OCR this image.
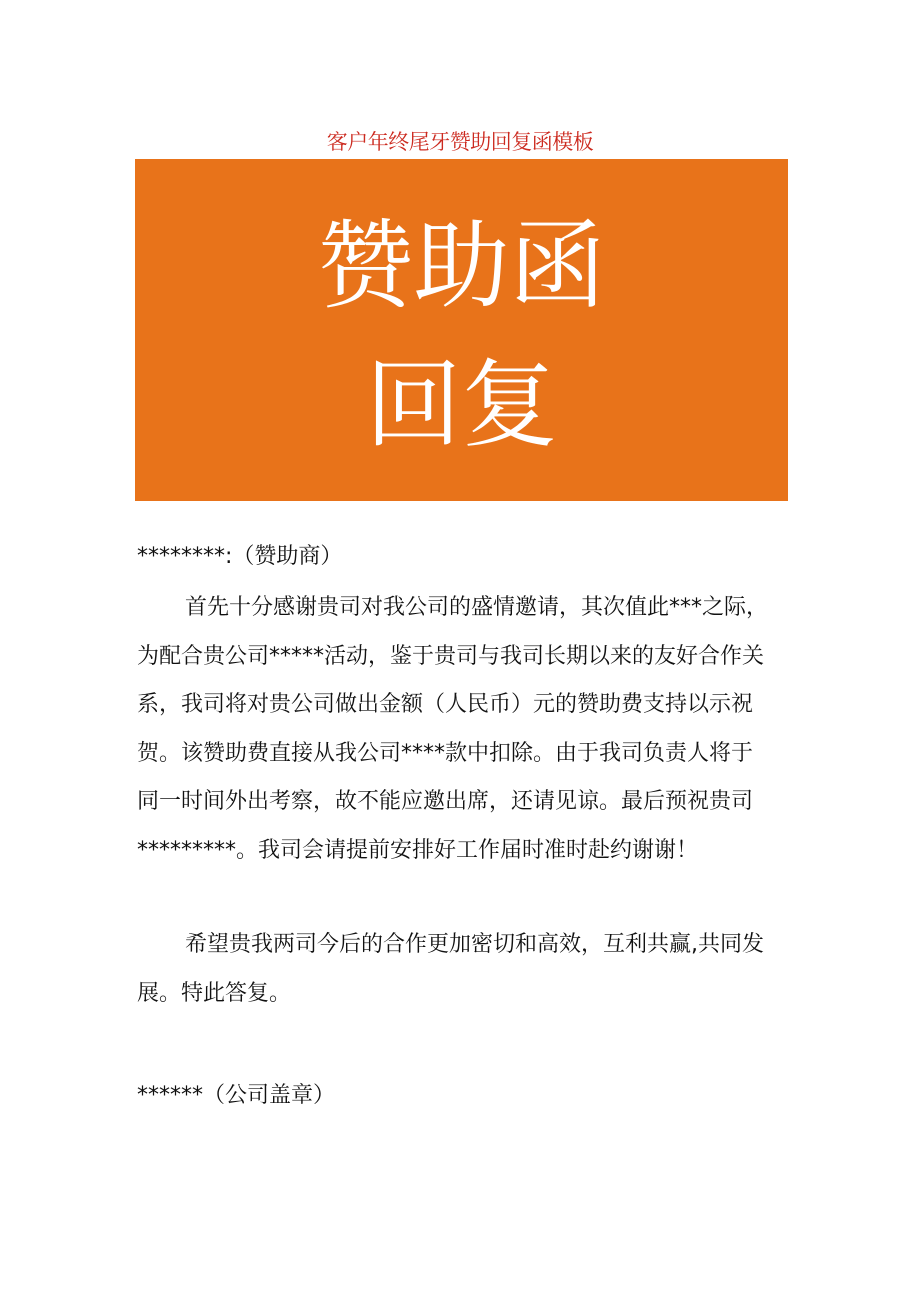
客户年终尾牙赞助回复函模板
赞助函
回复
********:（赞助商）
首先十分感谢贵司对我公司的盛情邀请，其次值此***之际，
为配合贵公司*****活动，鉴于贵司与我司长期以来的友好合作关
系，我司将对贵公司做出金额（人民币）元的赞助费支持以示祝
贺。该赞助费直接从我公司****款中扣除。由于我司负责人将于
同一时间外出考察，故不能应邀出席，还请见谅。最后预祝贵司
*********。我司会请提前安排好工作届时准时赴约谢谢！
希望贵我两司今后的合作更加密切和高效，互利共赢,共同发
展。特此答复。
******（公司盖章）
